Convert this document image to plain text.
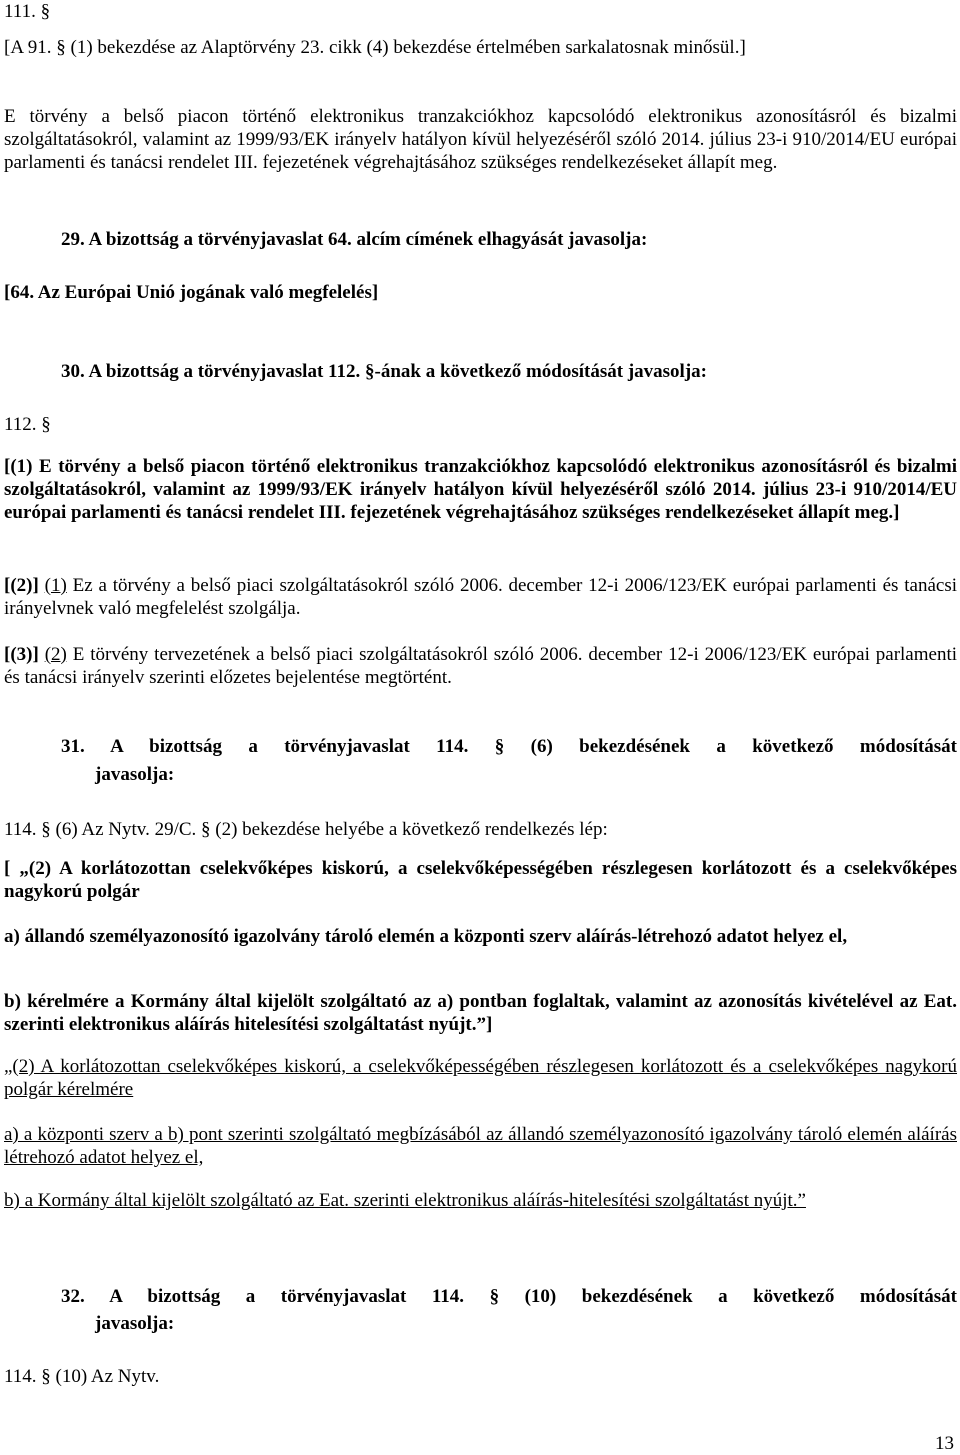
111. §

[A 91. § (1) bekezdése az Alaptörvény 23. cikk (4) bekezdése értelmében sarkalatosnak minősül.]

E törvény a belső piacon történő elektronikus tranzakciókhoz kapcsolódó elektronikus azonosításról és bizalmi szolgáltatásokról, valamint az 1999/93/EK irányelv hatályon kívül helyezéséről szóló 2014. július 23-i 910/2014/EU európai parlamenti és tanácsi rendelet III. fejezetének végrehajtásához szükséges rendelkezéseket állapít meg.

29. A bizottság a törvényjavaslat 64. alcím címének elhagyását javasolja:

[64. Az Európai Unió jogának való megfelelés]

30. A bizottság a törvényjavaslat 112. §-ának a következő módosítását javasolja:

112. §

[(1) E törvény a belső piacon történő elektronikus tranzakciókhoz kapcsolódó elektronikus azonosításról és bizalmi szolgáltatásokról, valamint az 1999/93/EK irányelv hatályon kívül helyezéséről szóló 2014. július 23-i 910/2014/EU európai parlamenti és tanácsi rendelet III. fejezetének végrehajtásához szükséges rendelkezéseket állapít meg.]

[(2)] (1) Ez a törvény a belső piaci szolgáltatásokról szóló 2006. december 12-i 2006/123/EK európai parlamenti és tanácsi irányelvnek való megfelelést szolgálja.

[(3)] (2) E törvény tervezetének a belső piaci szolgáltatásokról szóló 2006. december 12-i 2006/123/EK európai parlamenti és tanácsi irányelv szerinti előzetes bejelentése megtörtént.

31. A bizottság a törvényjavaslat 114. § (6) bekezdésének a következő módosítását

javasolja:

114. § (6) Az Nytv. 29/C. § (2) bekezdése helyébe a következő rendelkezés lép:

[ „(2) A korlátozottan cselekvőképes kiskorú, a cselekvőképességében részlegesen korlátozott és a cselekvőképes nagykorú polgár

a) állandó személyazonosító igazolvány tároló elemén a központi szerv aláírás-létrehozó adatot helyez el,

b) kérelmére a Kormány által kijelölt szolgáltató az a) pontban foglaltak, valamint az azonosítás kivételével az Eat. szerinti elektronikus aláírás hitelesítési szolgáltatást nyújt.”]

„(2) A korlátozottan cselekvőképes kiskorú, a cselekvőképességében részlegesen korlátozott és a cselekvőképes nagykorú polgár kérelmére

a) a központi szerv a b) pont szerinti szolgáltató megbízásából az állandó személyazonosító igazolvány tároló elemén aláírás létrehozó adatot helyez el,

b) a Kormány által kijelölt szolgáltató az Eat. szerinti elektronikus aláírás-hitelesítési szolgáltatást nyújt.”

32. A bizottság a törvényjavaslat 114. § (10) bekezdésének a következő módosítását

javasolja:

114. § (10) Az Nytv.

13
